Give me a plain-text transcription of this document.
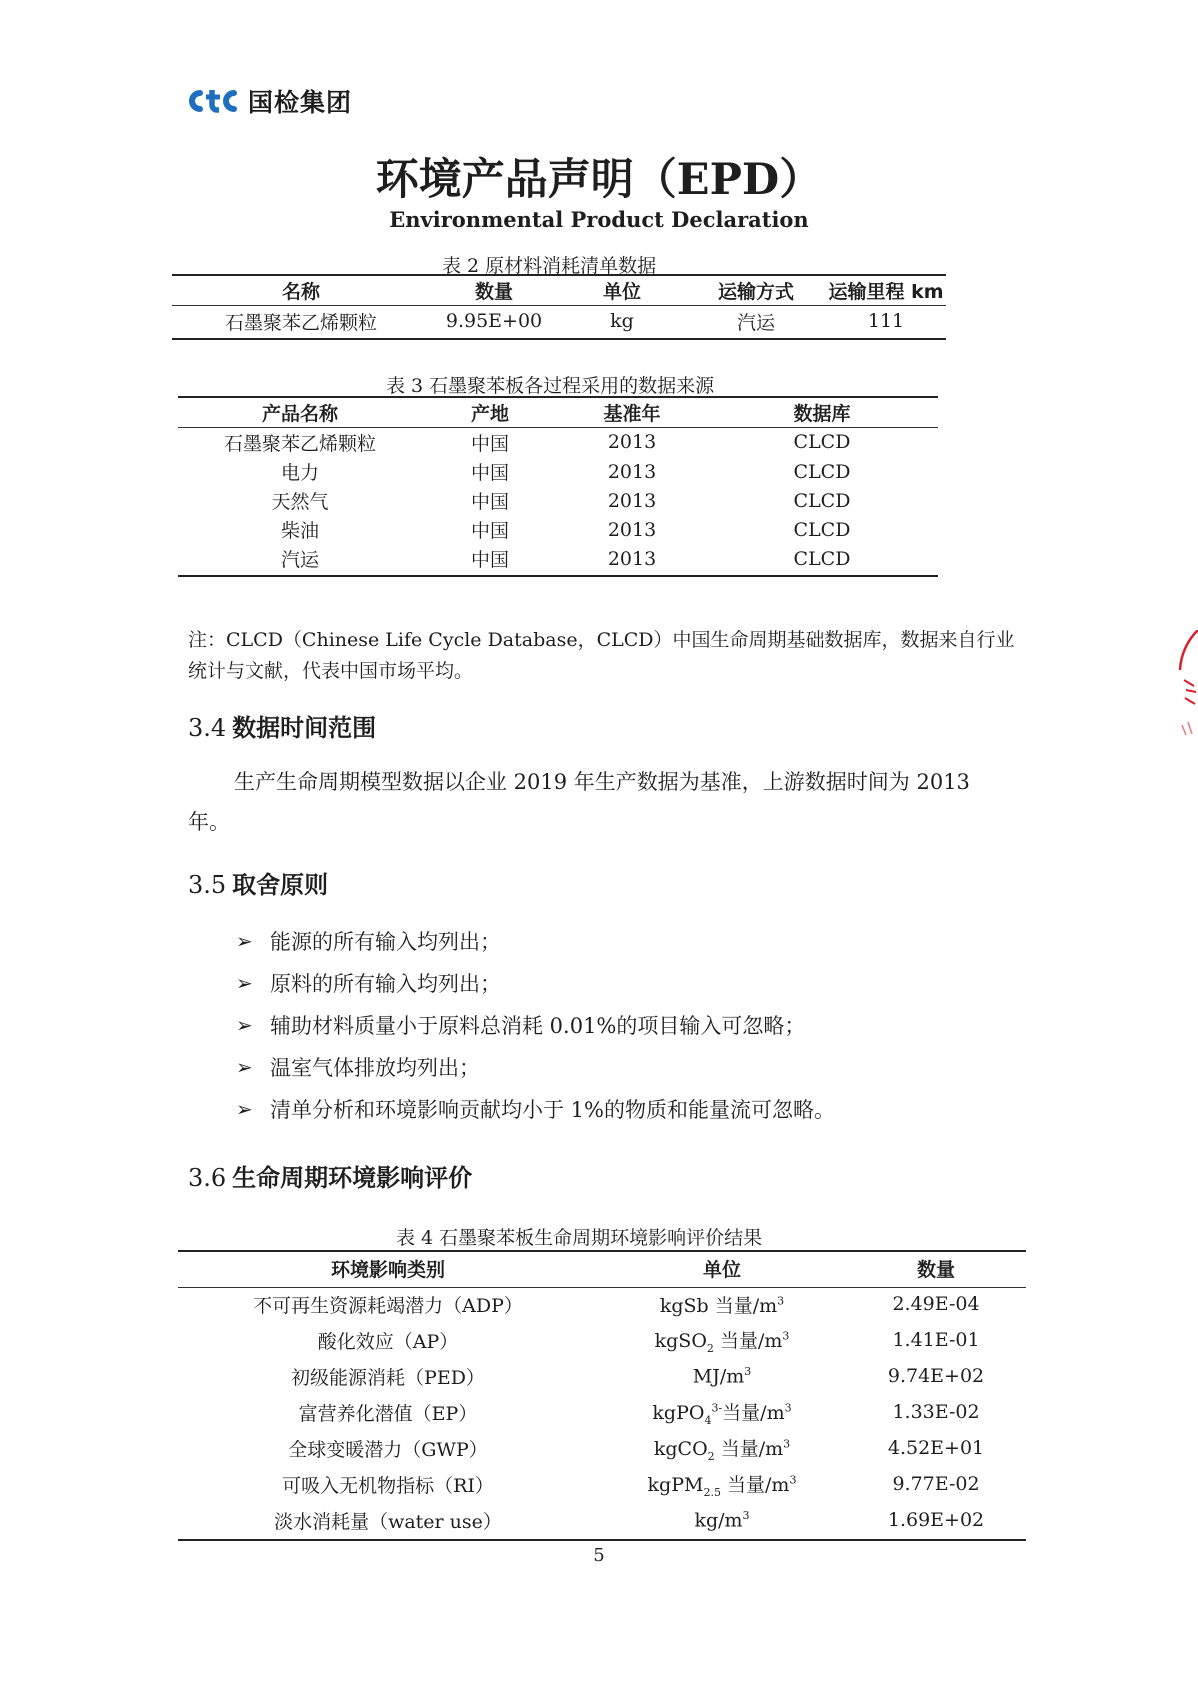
国检集团
环境产品声明（EPD）
Environmental Product Declaration
表 2 原材料消耗清单数据
名称	数量	单位	运输方式	运输里程 km
石墨聚苯乙烯颗粒	9.95E+00	kg	汽运	111
表 3 石墨聚苯板各过程采用的数据来源
产品名称	产地	基准年	数据库
石墨聚苯乙烯颗粒	中国	2013	CLCD
电力	中国	2013	CLCD
天然气	中国	2013	CLCD
柴油	中国	2013	CLCD
汽运	中国	2013	CLCD
注：CLCD（Chinese Life Cycle Database，CLCD）中国生命周期基础数据库，数据来自行业统计与文献，代表中国市场平均。
3.4 数据时间范围
生产生命周期模型数据以企业 2019 年生产数据为基准，上游数据时间为 2013 年。
3.5 取舍原则
➢ 能源的所有输入均列出；
➢ 原料的所有输入均列出；
➢ 辅助材料质量小于原料总消耗 0.01%的项目输入可忽略；
➢ 温室气体排放均列出；
➢ 清单分析和环境影响贡献均小于 1%的物质和能量流可忽略。
3.6 生命周期环境影响评价
表 4 石墨聚苯板生命周期环境影响评价结果
环境影响类别	单位	数量
不可再生资源耗竭潜力（ADP）	kgSb 当量$/m^3$	2.49E-04
酸化效应（AP）	kgSO$_2$ 当量$/m^3$	1.41E-01
初级能源消耗（PED）	$MJ/m^3$	9.74E+02
富营养化潜值（EP）	kgPO$_4^{3-}$当量$/m^3$	1.33E-02
全球变暖潜力（GWP）	kgCO$_2$ 当量$/m^3$	4.52E+01
可吸入无机物指标（RI）	kgPM$_{2.5}$ 当量$/m^3$	9.77E-02
淡水消耗量（water use）	$kg/m^3$	1.69E+02
5
